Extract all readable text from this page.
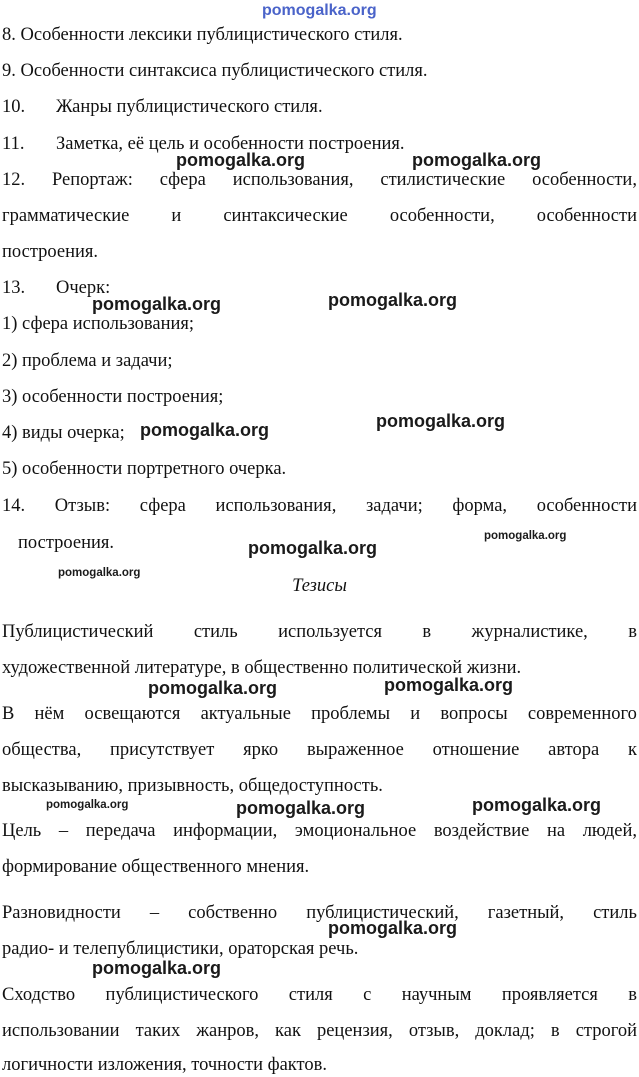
pomogalka.org
8. Особенности лексики публицистического стиля.
9. Особенности синтаксиса публицистического стиля.
10. Жанры публицистического стиля.
11. Заметка, её цель и особенности построения.
12. Репортаж: сфера использования, стилистические особенности,
грамматические и синтаксические особенности, особенности
построения.
13. Очерк:
1) сфера использования;
2) проблема и задачи;
3) особенности построения;
4) виды очерка;
5) особенности портретного очерка.
14. Отзыв: сфера использования, задачи; форма, особенности
построения.
Тезисы
Публицистический стиль используется в журналистике, в
художественной литературе, в общественно политической жизни.
В нём освещаются актуальные проблемы и вопросы современного
общества, присутствует ярко выраженное отношение автора к
высказыванию, призывность, общедоступность.
Цель – передача информации, эмоциональное воздействие на людей,
формирование общественного мнения.
Разновидности – собственно публицистический, газетный, стиль
радио- и телепублицистики, ораторская речь.
Сходство публицистического стиля с научным проявляется в
использовании таких жанров, как рецензия, отзыв, доклад; в строгой
логичности изложения, точности фактов.
pomogalka.org	pomogalka.org
pomogalka.org	pomogalka.org
pomogalka.org	pomogalka.org
pomogalka.org
pomogalka.org
pomogalka.org
pomogalka.org	pomogalka.org
pomogalka.org	pomogalka.org	pomogalka.org
pomogalka.org
pomogalka.org
